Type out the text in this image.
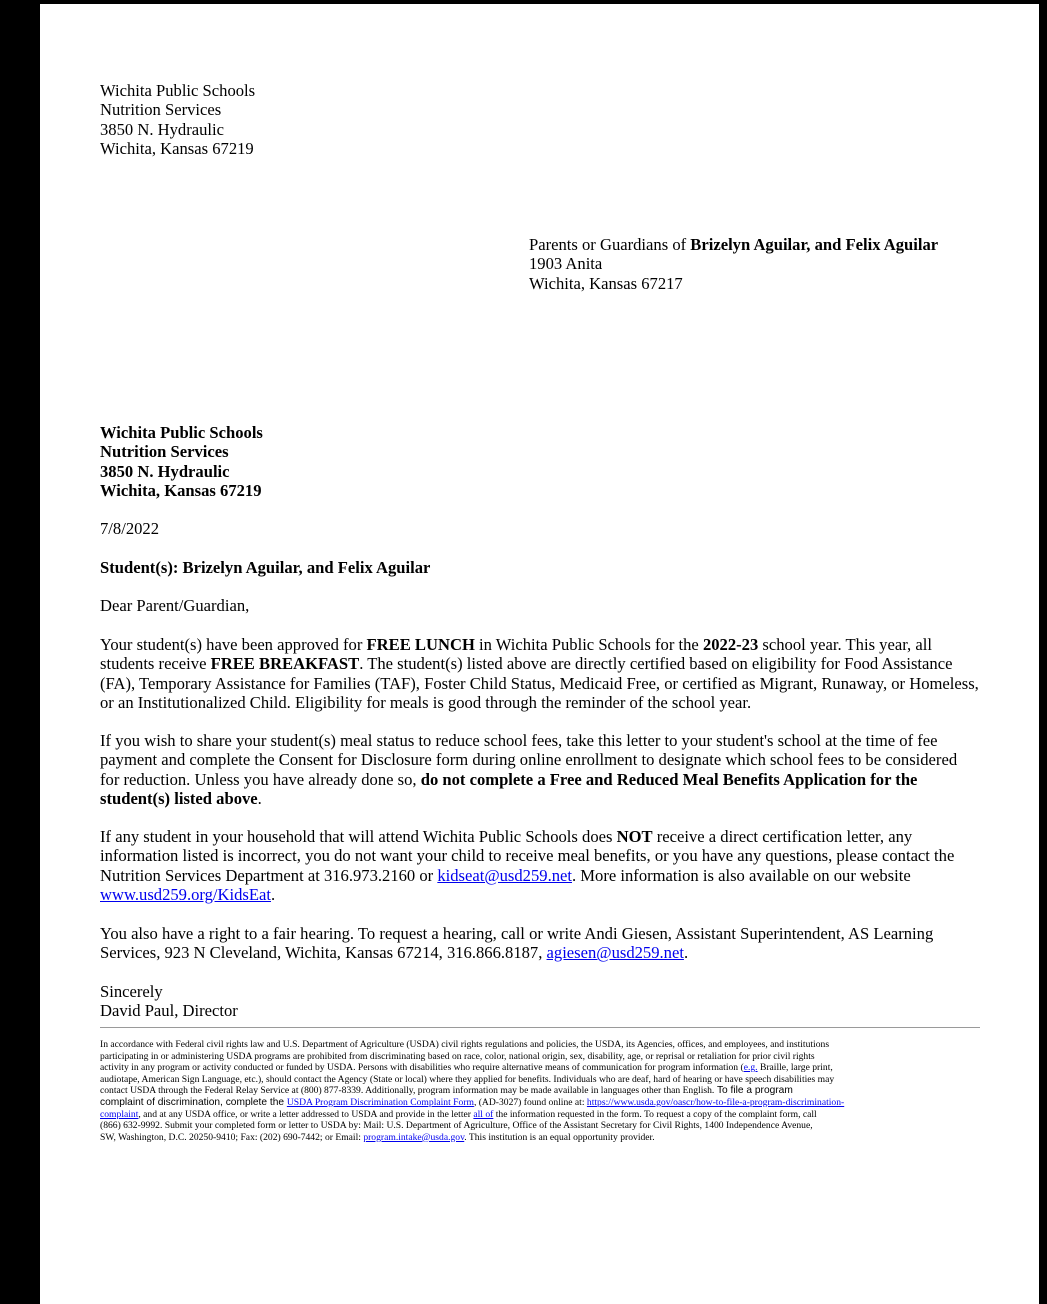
Wichita Public Schools
Nutrition Services
3850 N. Hydraulic
Wichita, Kansas 67219
Parents or Guardians of Brizelyn Aguilar, and Felix Aguilar
1903 Anita
Wichita, Kansas 67217
Wichita Public Schools
Nutrition Services
3850 N. Hydraulic
Wichita, Kansas 67219
7/8/2022
Student(s): Brizelyn Aguilar, and Felix Aguilar
Dear Parent/Guardian,
Your student(s) have been approved for FREE LUNCH in Wichita Public Schools for the 2022-23 school year. This year, all students receive FREE BREAKFAST. The student(s) listed above are directly certified based on eligibility for Food Assistance (FA), Temporary Assistance for Families (TAF), Foster Child Status, Medicaid Free, or certified as Migrant, Runaway, or Homeless, or an Institutionalized Child. Eligibility for meals is good through the reminder of the school year.
If you wish to share your student(s) meal status to reduce school fees, take this letter to your student's school at the time of fee payment and complete the Consent for Disclosure form during online enrollment to designate which school fees to be considered for reduction. Unless you have already done so, do not complete a Free and Reduced Meal Benefits Application for the student(s) listed above.
If any student in your household that will attend Wichita Public Schools does NOT receive a direct certification letter, any information listed is incorrect, you do not want your child to receive meal benefits, or you have any questions, please contact the Nutrition Services Department at 316.973.2160 or kidseat@usd259.net. More information is also available on our website www.usd259.org/KidsEat.
You also have a right to a fair hearing. To request a hearing, call or write Andi Giesen, Assistant Superintendent, AS Learning Services, 923 N Cleveland, Wichita, Kansas 67214, 316.866.8187, agiesen@usd259.net.
Sincerely
David Paul, Director
In accordance with Federal civil rights law and U.S. Department of Agriculture (USDA) civil rights regulations and policies, the USDA, its Agencies, offices, and employees, and institutions
participating in or administering USDA programs are prohibited from discriminating based on race, color, national origin, sex, disability, age, or reprisal or retaliation for prior civil rights
activity in any program or activity conducted or funded by USDA. Persons with disabilities who require alternative means of communication for program information (e.g. Braille, large print,
audiotape, American Sign Language, etc.), should contact the Agency (State or local) where they applied for benefits. Individuals who are deaf, hard of hearing or have speech disabilities may
contact USDA through the Federal Relay Service at (800) 877-8339. Additionally, program information may be made available in languages other than English. To file a program
complaint of discrimination, complete the USDA Program Discrimination Complaint Form, (AD-3027) found online at: https://www.usda.gov/oascr/how-to-file-a-program-discrimination-
complaint, and at any USDA office, or write a letter addressed to USDA and provide in the letter all of the information requested in the form. To request a copy of the complaint form, call
(866) 632-9992. Submit your completed form or letter to USDA by: Mail: U.S. Department of Agriculture, Office of the Assistant Secretary for Civil Rights, 1400 Independence Avenue,
SW, Washington, D.C. 20250-9410; Fax: (202) 690-7442; or Email: program.intake@usda.gov. This institution is an equal opportunity provider.
